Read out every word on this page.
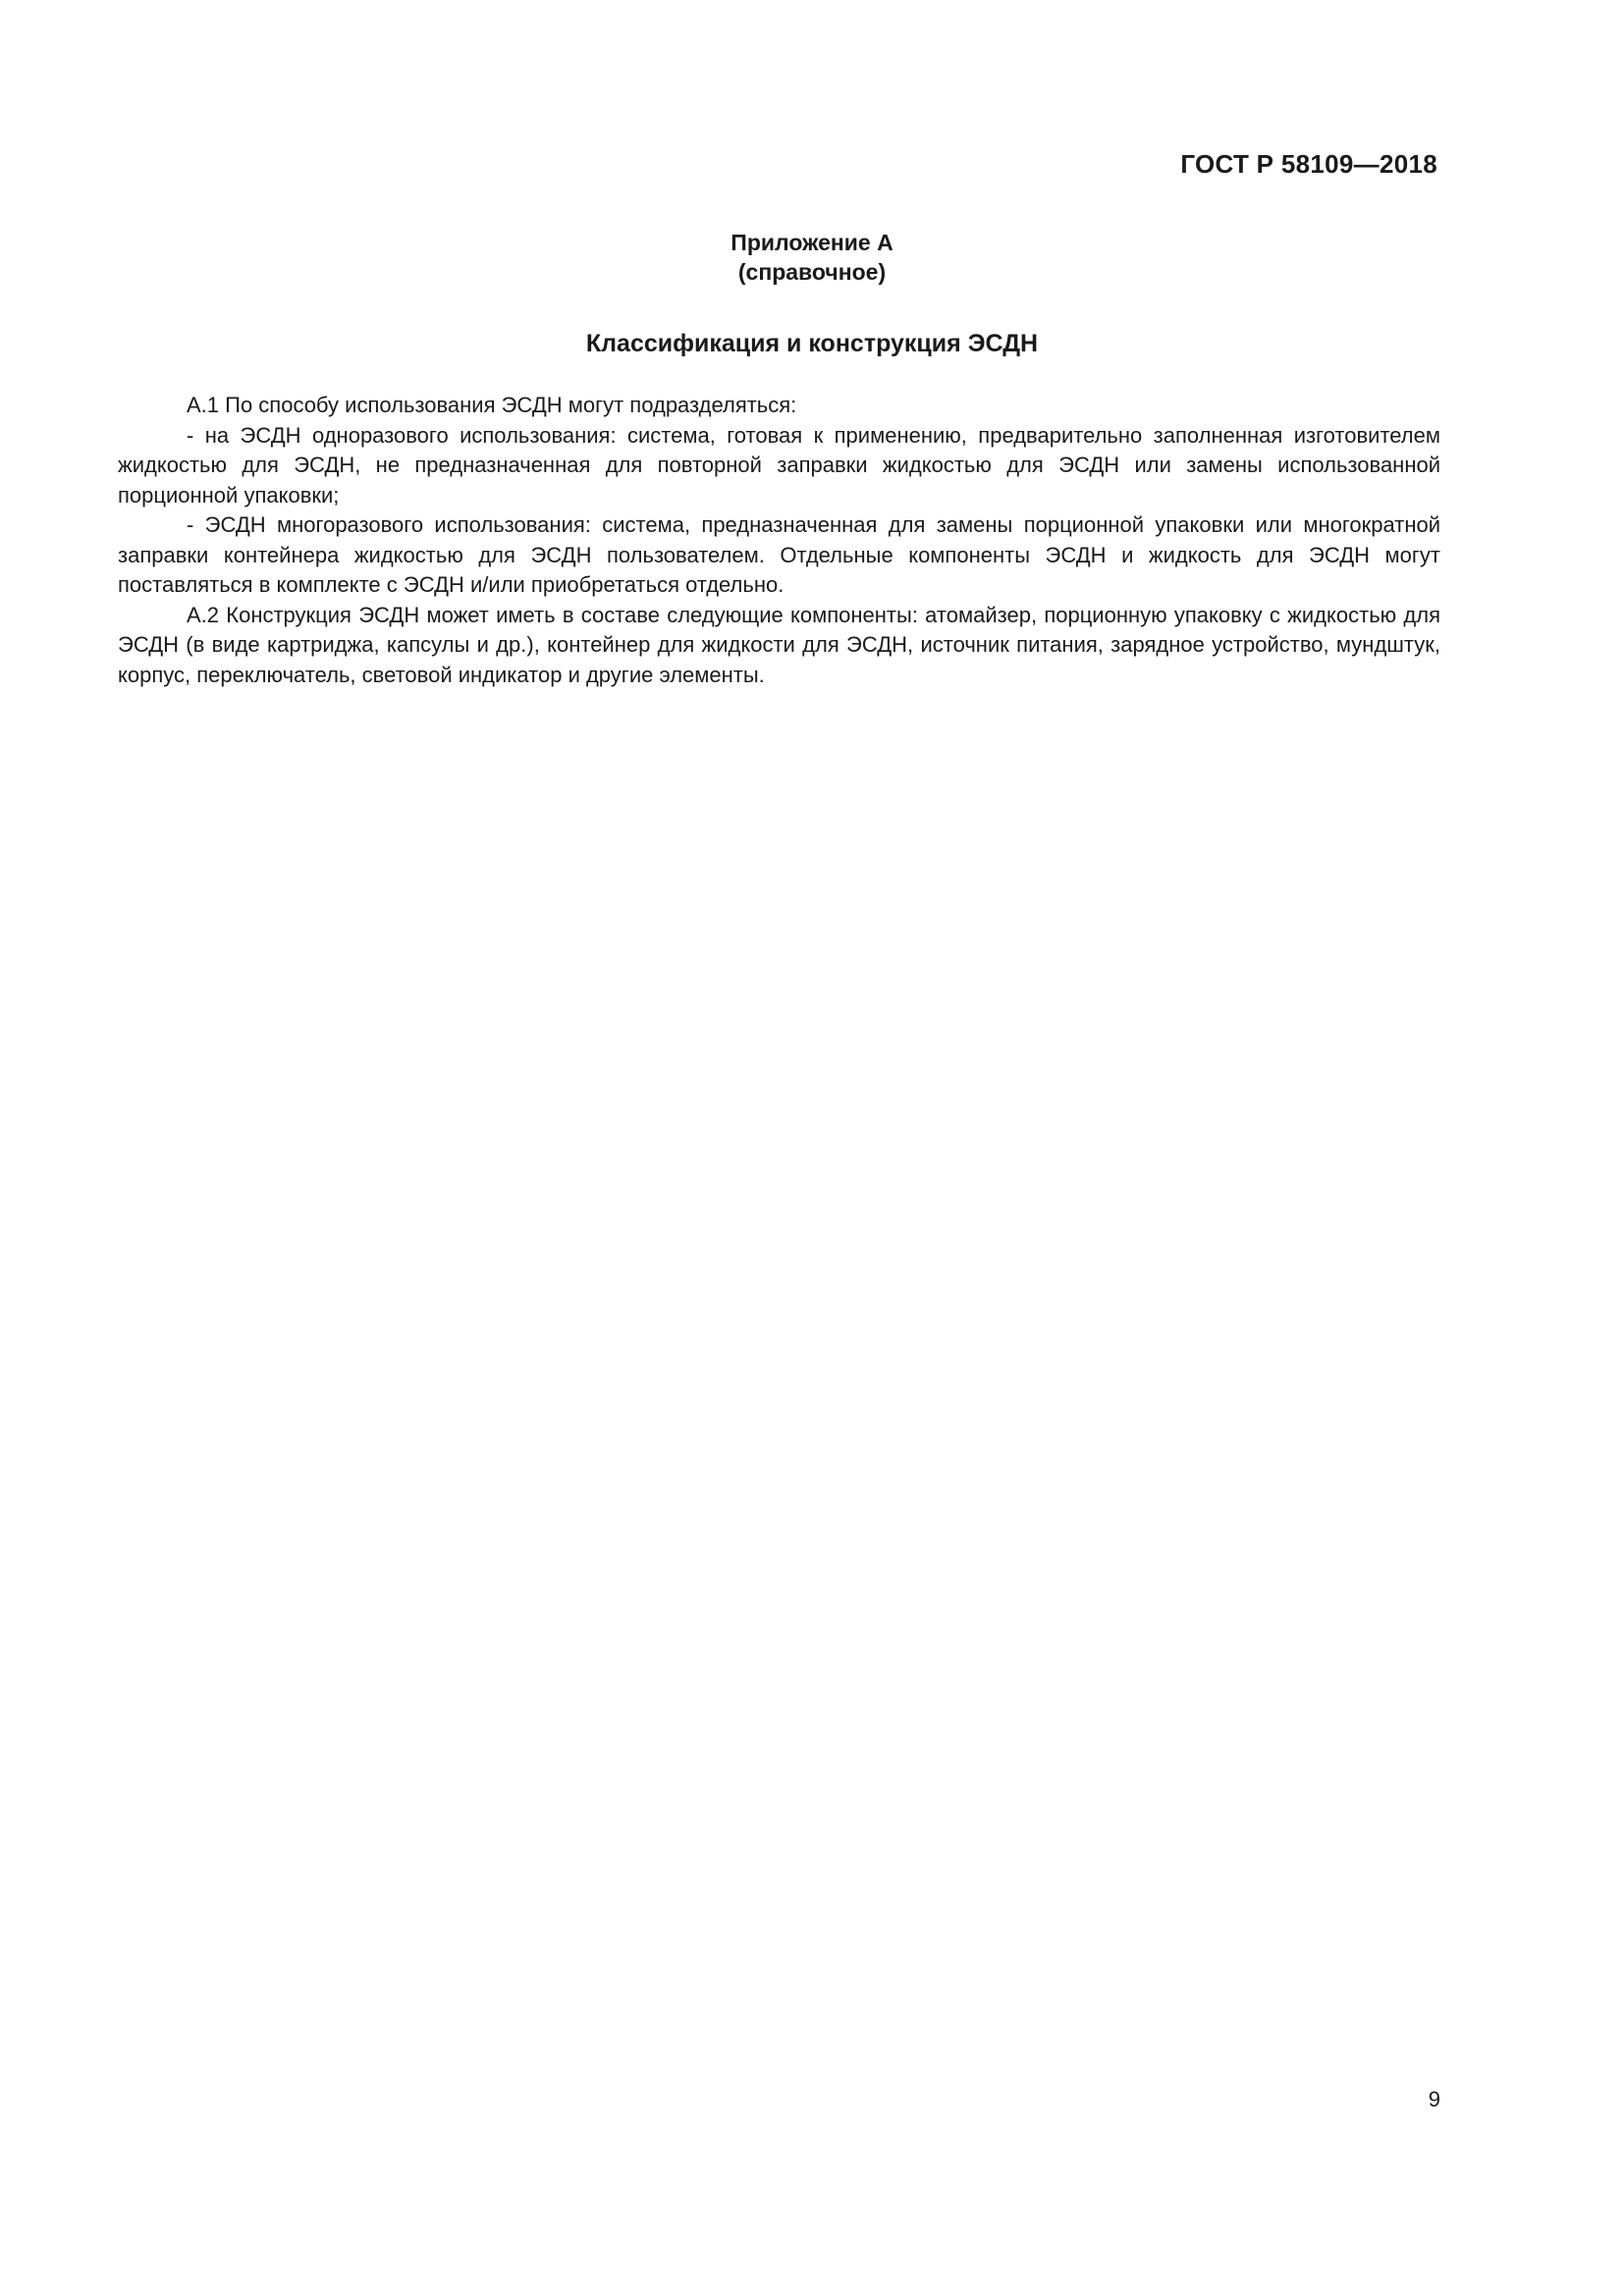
ГОСТ Р 58109—2018
Приложение А
(справочное)
Классификация и конструкция ЭСДН

А.1 По способу использования ЭСДН могут подразделяться:

- на ЭСДН одноразового использования: система, готовая к применению, предварительно заполненная изготовителем жидкостью для ЭСДН, не предназначенная для повторной заправки жидкостью для ЭСДН или замены использованной порционной упаковки;

- ЭСДН многоразового использования: система, предназначенная для замены порционной упаковки или многократной заправки контейнера жидкостью для ЭСДН пользователем. Отдельные компоненты ЭСДН и жидкость для ЭСДН могут поставляться в комплекте с ЭСДН и/или приобретаться отдельно.

А.2 Конструкция ЭСДН может иметь в составе следующие компоненты: атомайзер, порционную упаковку с жидкостью для ЭСДН (в виде картриджа, капсулы и др.), контейнер для жидкости для ЭСДН, источник питания, зарядное устройство, мундштук, корпус, переключатель, световой индикатор и другие элементы.

9
